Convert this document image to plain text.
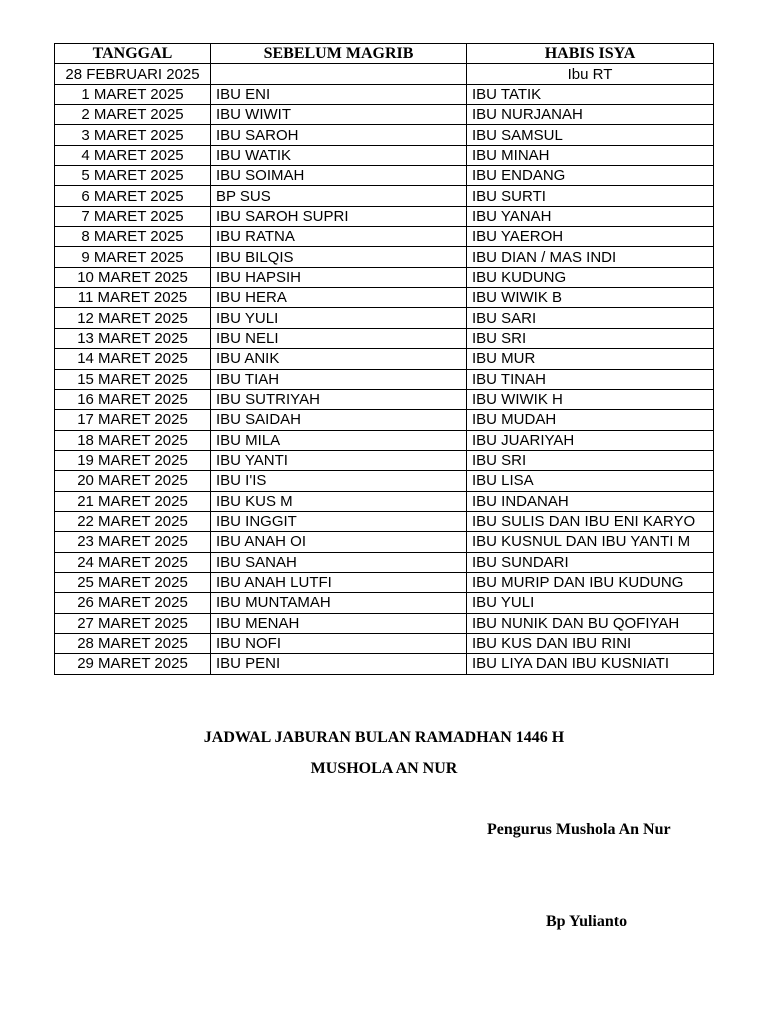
TANGGAL	SEBELUM MAGRIB	HABIS ISYA
28 FEBRUARI 2025		Ibu RT
1 MARET 2025	IBU ENI	IBU TATIK
2 MARET 2025	IBU WIWIT	IBU NURJANAH
3 MARET 2025	IBU SAROH	IBU SAMSUL
4 MARET 2025	IBU WATIK	IBU MINAH
5 MARET 2025	IBU SOIMAH	IBU ENDANG
6 MARET 2025	BP SUS	IBU SURTI
7 MARET 2025	IBU SAROH SUPRI	IBU YANAH
8 MARET 2025	IBU RATNA	IBU YAEROH
9 MARET 2025	IBU BILQIS	IBU DIAN / MAS INDI
10 MARET 2025	IBU HAPSIH	IBU KUDUNG
11 MARET 2025	IBU HERA	IBU WIWIK B
12 MARET 2025	IBU YULI	IBU SARI
13 MARET 2025	IBU NELI	IBU SRI
14 MARET 2025	IBU ANIK	IBU MUR
15 MARET 2025	IBU TIAH	IBU TINAH
16 MARET 2025	IBU SUTRIYAH	IBU WIWIK H
17 MARET 2025	IBU SAIDAH	IBU MUDAH
18 MARET 2025	IBU MILA	IBU JUARIYAH
19 MARET 2025	IBU YANTI	IBU SRI
20 MARET 2025	IBU I'IS	IBU LISA
21 MARET 2025	IBU KUS M	IBU INDANAH
22 MARET 2025	IBU INGGIT	IBU SULIS DAN IBU ENI KARYO
23 MARET 2025	IBU ANAH OI	IBU KUSNUL DAN IBU YANTI M
24 MARET 2025	IBU SANAH	IBU SUNDARI
25 MARET 2025	IBU ANAH LUTFI	IBU MURIP DAN IBU KUDUNG
26 MARET 2025	IBU MUNTAMAH	IBU YULI
27 MARET 2025	IBU MENAH	IBU NUNIK DAN BU QOFIYAH
28 MARET 2025	IBU NOFI	IBU KUS DAN IBU RINI
29 MARET 2025	IBU PENI	IBU LIYA DAN IBU KUSNIATI
JADWAL JABURAN BULAN RAMADHAN 1446 H
MUSHOLA AN NUR
Pengurus Mushola An Nur
Bp Yulianto
